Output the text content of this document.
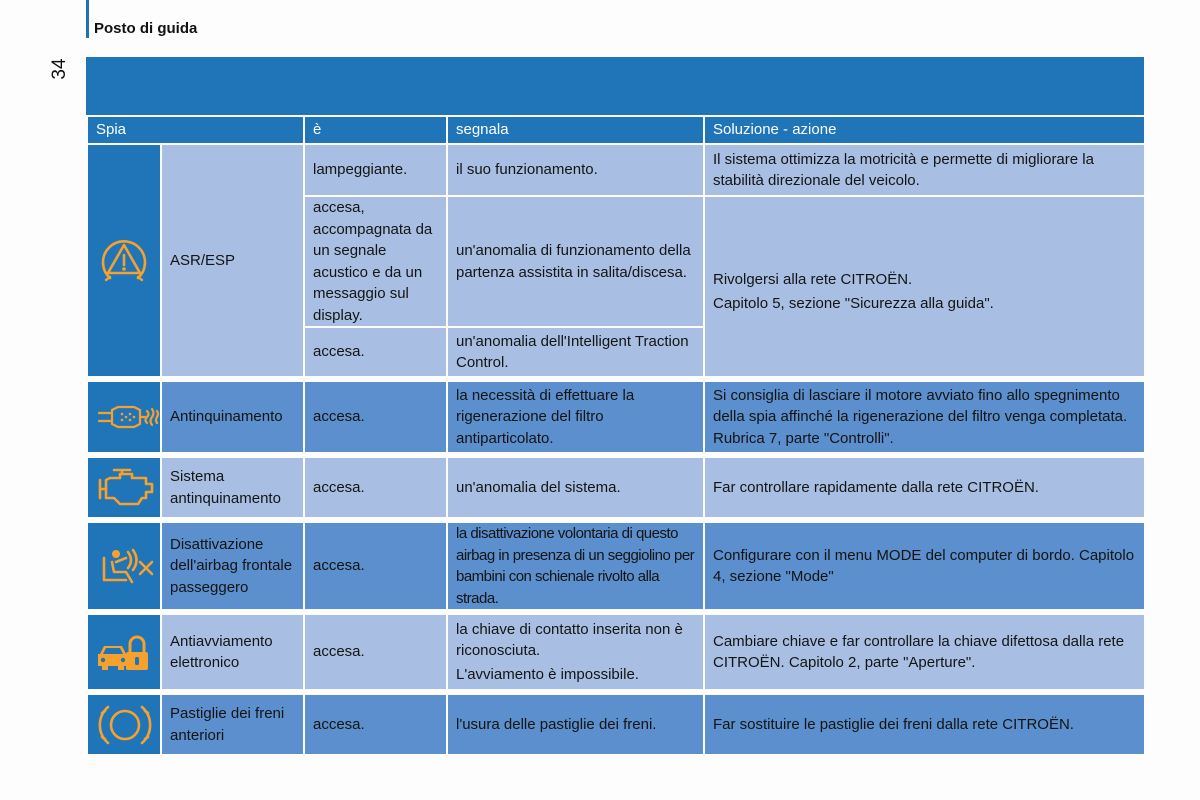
Posto di guida
34
Spia		è	segnala	Soluzione - azione

	ASR/ESP	lampeggiante.	il suo funzionamento.	Il sistema ottimizza la motricità e permette di migliorare la stabilità direzionale del veicolo.
		accesa, accompagnata da un segnale acustico e da un messaggio sul display.	un'anomalia di funzionamento della partenza assistita in salita/discesa.	Rivolgersi alla rete CITROËN.
Capitolo 5, sezione "Sicurezza alla guida".

		accesa.	un'anomalia dell'Intelligent Traction Control.	

	Antinquinamento	accesa.	la necessità di effettuare la rigenerazione del filtro antiparticolato.	Si consiglia di lasciare il motore avviato fino allo spegnimento della spia affinché la rigenerazione del filtro venga completata. Rubrica 7, parte "Controlli".

	Sistema antinquinamento	accesa.	un'anomalia del sistema.	Far controllare rapidamente dalla rete CITROËN.

	Disattivazione dell'airbag frontale passeggero	accesa.	la disattivazione volontaria di questo airbag in presenza di un seggiolino per bambini con schienale rivolto alla strada.	Configurare con il menu MODE del computer di bordo. Capitolo 4, sezione "Mode"

	Antiavviamento elettronico	accesa.	la chiave di contatto inserita non è riconosciuta.
L'avviamento è impossibile.	Cambiare chiave e far controllare la chiave difettosa dalla rete CITROËN. Capitolo 2, parte "Aperture".

	Pastiglie dei freni anteriori	accesa.	l'usura delle pastiglie dei freni.	Far sostituire le pastiglie dei freni dalla rete CITROËN.
